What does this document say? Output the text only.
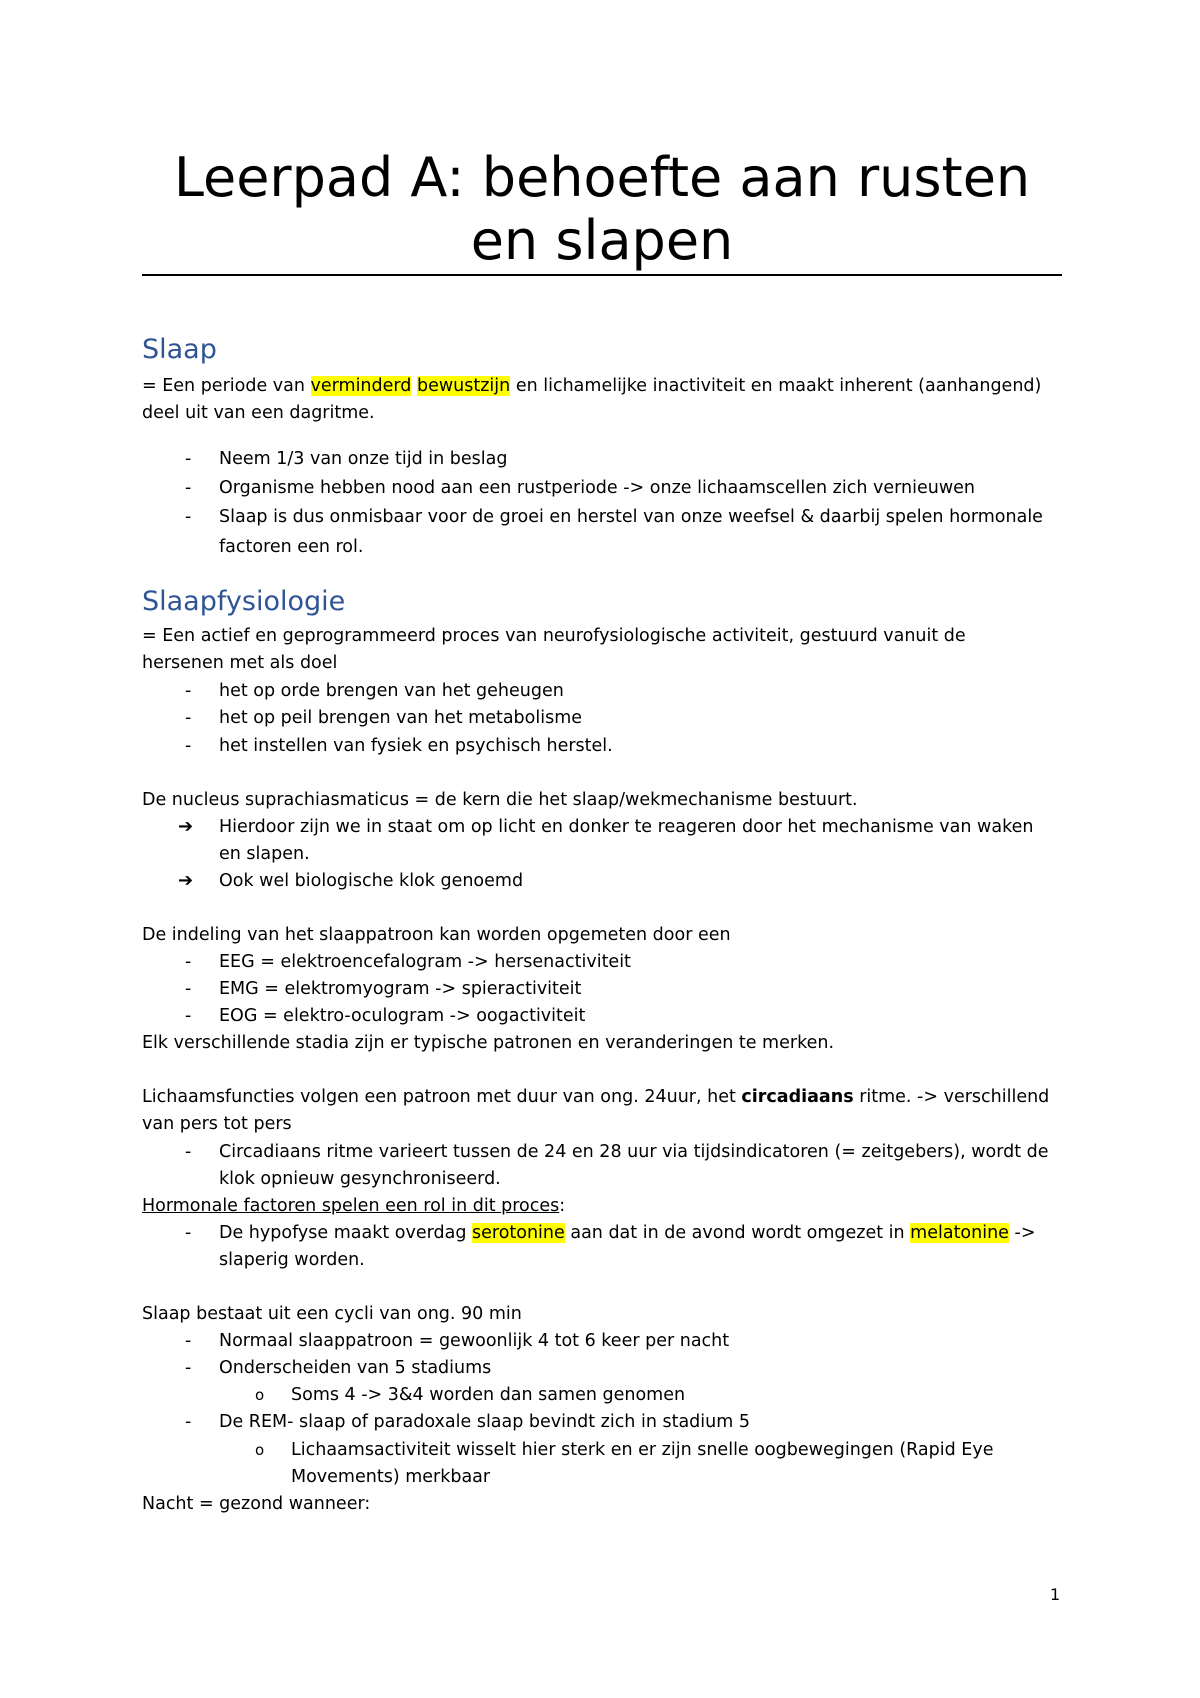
Leerpad A: behoefte aan rusten
en slapen
Slaap
= Een periode van verminderd bewustzijn en lichamelijke inactiviteit en maakt inherent (aanhangend)
deel uit van een dagritme.
- Neem 1/3 van onze tijd in beslag
- Organisme hebben nood aan een rustperiode -> onze lichaamscellen zich vernieuwen
- Slaap is dus onmisbaar voor de groei en herstel van onze weefsel & daarbij spelen hormonale
factoren een rol.
Slaapfysiologie
= Een actief en geprogrammeerd proces van neurofysiologische activiteit, gestuurd vanuit de
hersenen met als doel
- het op orde brengen van het geheugen
- het op peil brengen van het metabolisme
- het instellen van fysiek en psychisch herstel.
De nucleus suprachiasmaticus = de kern die het slaap/wekmechanisme bestuurt.
➔ Hierdoor zijn we in staat om op licht en donker te reageren door het mechanisme van waken
en slapen.
➔ Ook wel biologische klok genoemd
De indeling van het slaappatroon kan worden opgemeten door een
- EEG = elektroencefalogram -> hersenactiviteit
- EMG = elektromyogram -> spieractiviteit
- EOG = elektro-oculogram -> oogactiviteit
Elk verschillende stadia zijn er typische patronen en veranderingen te merken.
Lichaamsfuncties volgen een patroon met duur van ong. 24uur, het circadiaans ritme. -> verschillend
van pers tot pers
- Circadiaans ritme varieert tussen de 24 en 28 uur via tijdsindicatoren (= zeitgebers), wordt de
klok opnieuw gesynchroniseerd.
Hormonale factoren spelen een rol in dit proces:
- De hypofyse maakt overdag serotonine aan dat in de avond wordt omgezet in melatonine ->
slaperig worden.
Slaap bestaat uit een cycli van ong. 90 min
- Normaal slaappatroon = gewoonlijk 4 tot 6 keer per nacht
- Onderscheiden van 5 stadiums
o Soms 4 -> 3&4 worden dan samen genomen
- De REM- slaap of paradoxale slaap bevindt zich in stadium 5
o Lichaamsactiviteit wisselt hier sterk en er zijn snelle oogbewegingen (Rapid Eye
Movements) merkbaar
Nacht = gezond wanneer:
1
